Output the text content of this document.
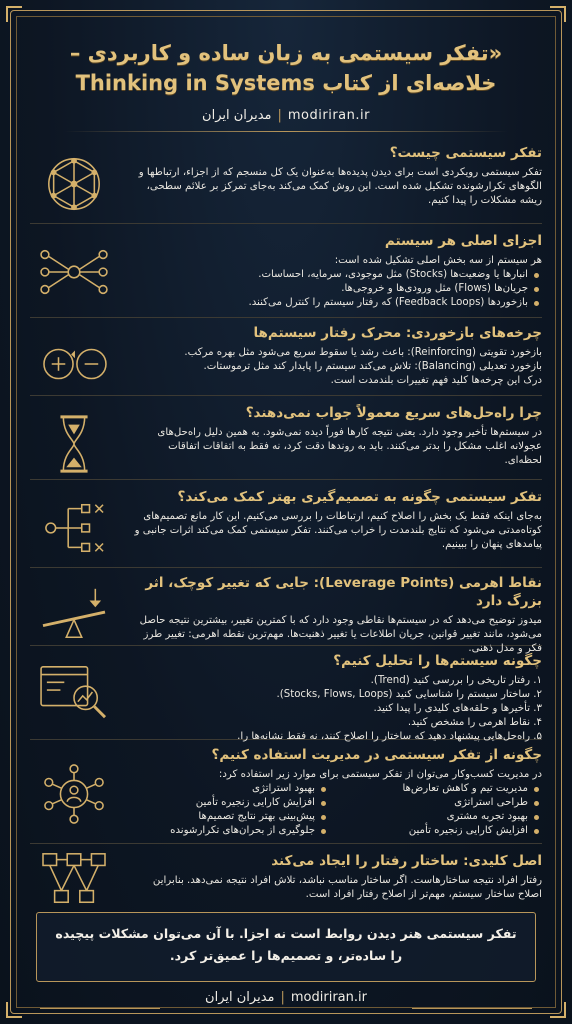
«تفکر سیستمی به زبان ساده و کاربردی –

خلاصه‌ای از کتاب Thinking in Systems

مدیران ایران | modiriran.ir

تفکر سیستمی چیست؟

تفکر سیستمی رویکردی است برای دیدن پدیده‌ها به‌عنوان یک کل منسجم که از اجزاء، ارتباطها و الگوهای تکرارشونده تشکیل شده است. این روش کمک می‌کند به‌جای تمرکز بر علائم سطحی، ریشه مشکلات را پیدا کنیم.

اجزای اصلی هر سیستم

هر سیستم از سه بخش اصلی تشکیل شده است:
انبارها یا وضعیت‌ها (Stocks) مثل موجودی، سرمایه، احساسات.
جریان‌ها (Flows) مثل ورودی‌ها و خروجی‌ها.
بازخوردها (Feedback Loops) که رفتار سیستم را کنترل می‌کنند.

چرخه‌های بازخوردی: محرک رفتار سیستم‌ها

بازخورد تقویتی (Reinforcing): باعث رشد یا سقوط سریع می‌شود مثل بهره مرکب.
بازخورد تعدیلی (Balancing): تلاش می‌کند سیستم را پایدار کند مثل ترموستات.
درک این چرخه‌ها کلید فهم تغییرات بلندمدت است.

چرا راه‌حل‌های سریع معمولاً جواب نمی‌دهند؟

در سیستم‌ها تأخیر وجود دارد. یعنی نتیجه کارها فوراً دیده نمی‌شود. به همین دلیل راه‌حل‌های عجولانه اغلب مشکل را بدتر می‌کنند. باید به روندها دقت کرد، نه فقط به اتفاقات اتفاقات لحظه‌ای.

تفکر سیستمی چگونه به تصمیم‌گیری بهتر کمک می‌کند؟

به‌جای اینکه فقط یک بخش را اصلاح کنیم، ارتباطات را بررسی می‌کنیم. این کار مانع تصمیم‌های کوتاه‌مدتی می‌شود که نتایج بلندمدت را خراب می‌کنند. تفکر سیستمی کمک می‌کند اثرات جانبی و پیامدهای پنهان را ببینیم.

نقاط اهرمی (Leverage Points): جایی که تغییر کوچک، اثر بزرگ دارد

میدوز توضیح می‌دهد که در سیستم‌ها نقاطی وجود دارد که با کمترین تغییر، بیشترین نتیجه حاصل می‌شود، مانند تغییر قوانین، جریان اطلاعات یا تغییر ذهنیت‌ها. مهم‌ترین نقطه اهرمی: تغییر طرز فکر و مدل ذهنی.

چگونه سیستم‌ها را تحلیل کنیم؟

۱. رفتار تاریخی را بررسی کنید (Trend).
۲. ساختار سیستم را شناسایی کنید (Stocks, Flows, Loops).
۳. تأخیرها و حلقه‌های کلیدی را پیدا کنید.
۴. نقاط اهرمی را مشخص کنید.
۵. راه‌حل‌هایی پیشنهاد دهید که ساختار را اصلاح کنند، نه فقط نشانه‌ها را.

چگونه از تفکر سیستمی در مدیریت استفاده کنیم؟

در مدیریت کسب‌وکار می‌توان از تفکر سیستمی برای موارد زیر استفاده کرد:
مدیریت تیم و کاهش تعارض‌ها
طراحی استراتژی
بهبود تجربه مشتری
افزایش کارایی زنجیره تأمین
بهبود استراتژی
افزایش کارایی زنجیره تأمین
پیش‌بینی بهتر نتایج تصمیم‌ها
جلوگیری از بحران‌های تکرارشونده

اصل کلیدی: ساختار رفتار را ایجاد می‌کند

رفتار افراد نتیجه ساختارهاست. اگر ساختار مناسب نباشد، تلاش افراد نتیجه نمی‌دهد. بنابراین اصلاح ساختار سیستم، مهم‌تر از اصلاح رفتار افراد است.

تفکر سیستمی هنر دیدن روابط است نه اجزا. با آن می‌توان مشکلات پیچیده را ساده‌تر، و تصمیم‌ها را عمیق‌تر کرد.
مدیران ایران | modiriran.ir
